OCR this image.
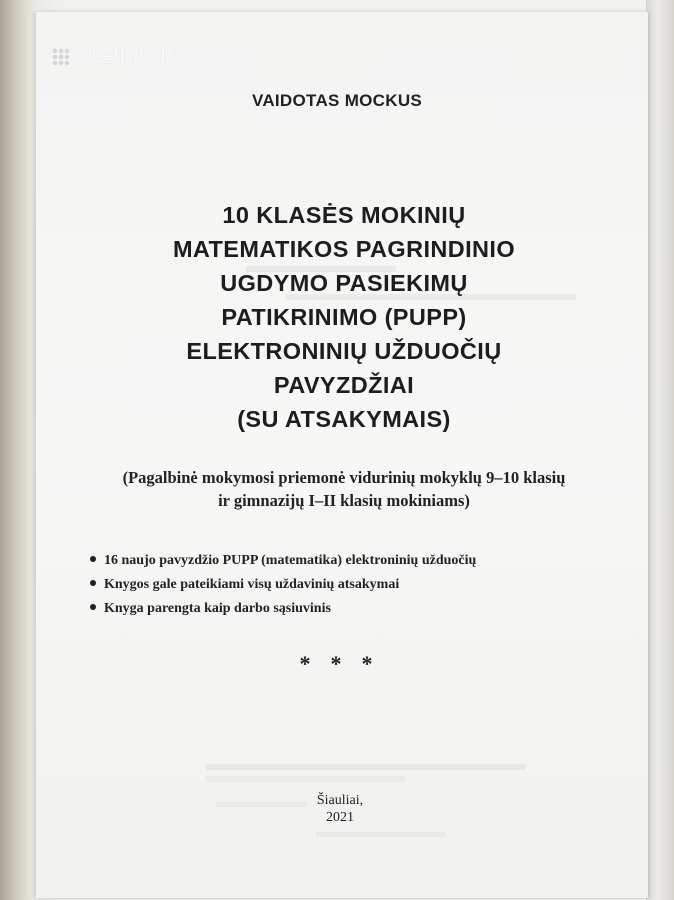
skelbiu.lt
VAIDOTAS MOCKUS
10 KLASĖS MOKINIŲ
MATEMATIKOS PAGRINDINIO
UGDYMO PASIEKIMŲ
PATIKRINIMO (PUPP)
ELEKTRONINIŲ UŽDUOČIŲ
PAVYZDŽIAI
(SU ATSAKYMAIS)
(Pagalbinė mokymosi priemonė vidurinių mokyklų 9–10 klasių
ir gimnazijų I–II klasių mokiniams)
16 naujo pavyzdžio PUPP (matematika) elektroninių užduočių
Knygos gale pateikiami visų uždavinių atsakymai
Knyga parengta kaip darbo sąsiuvinis
* * *
Šiauliai,
2021
